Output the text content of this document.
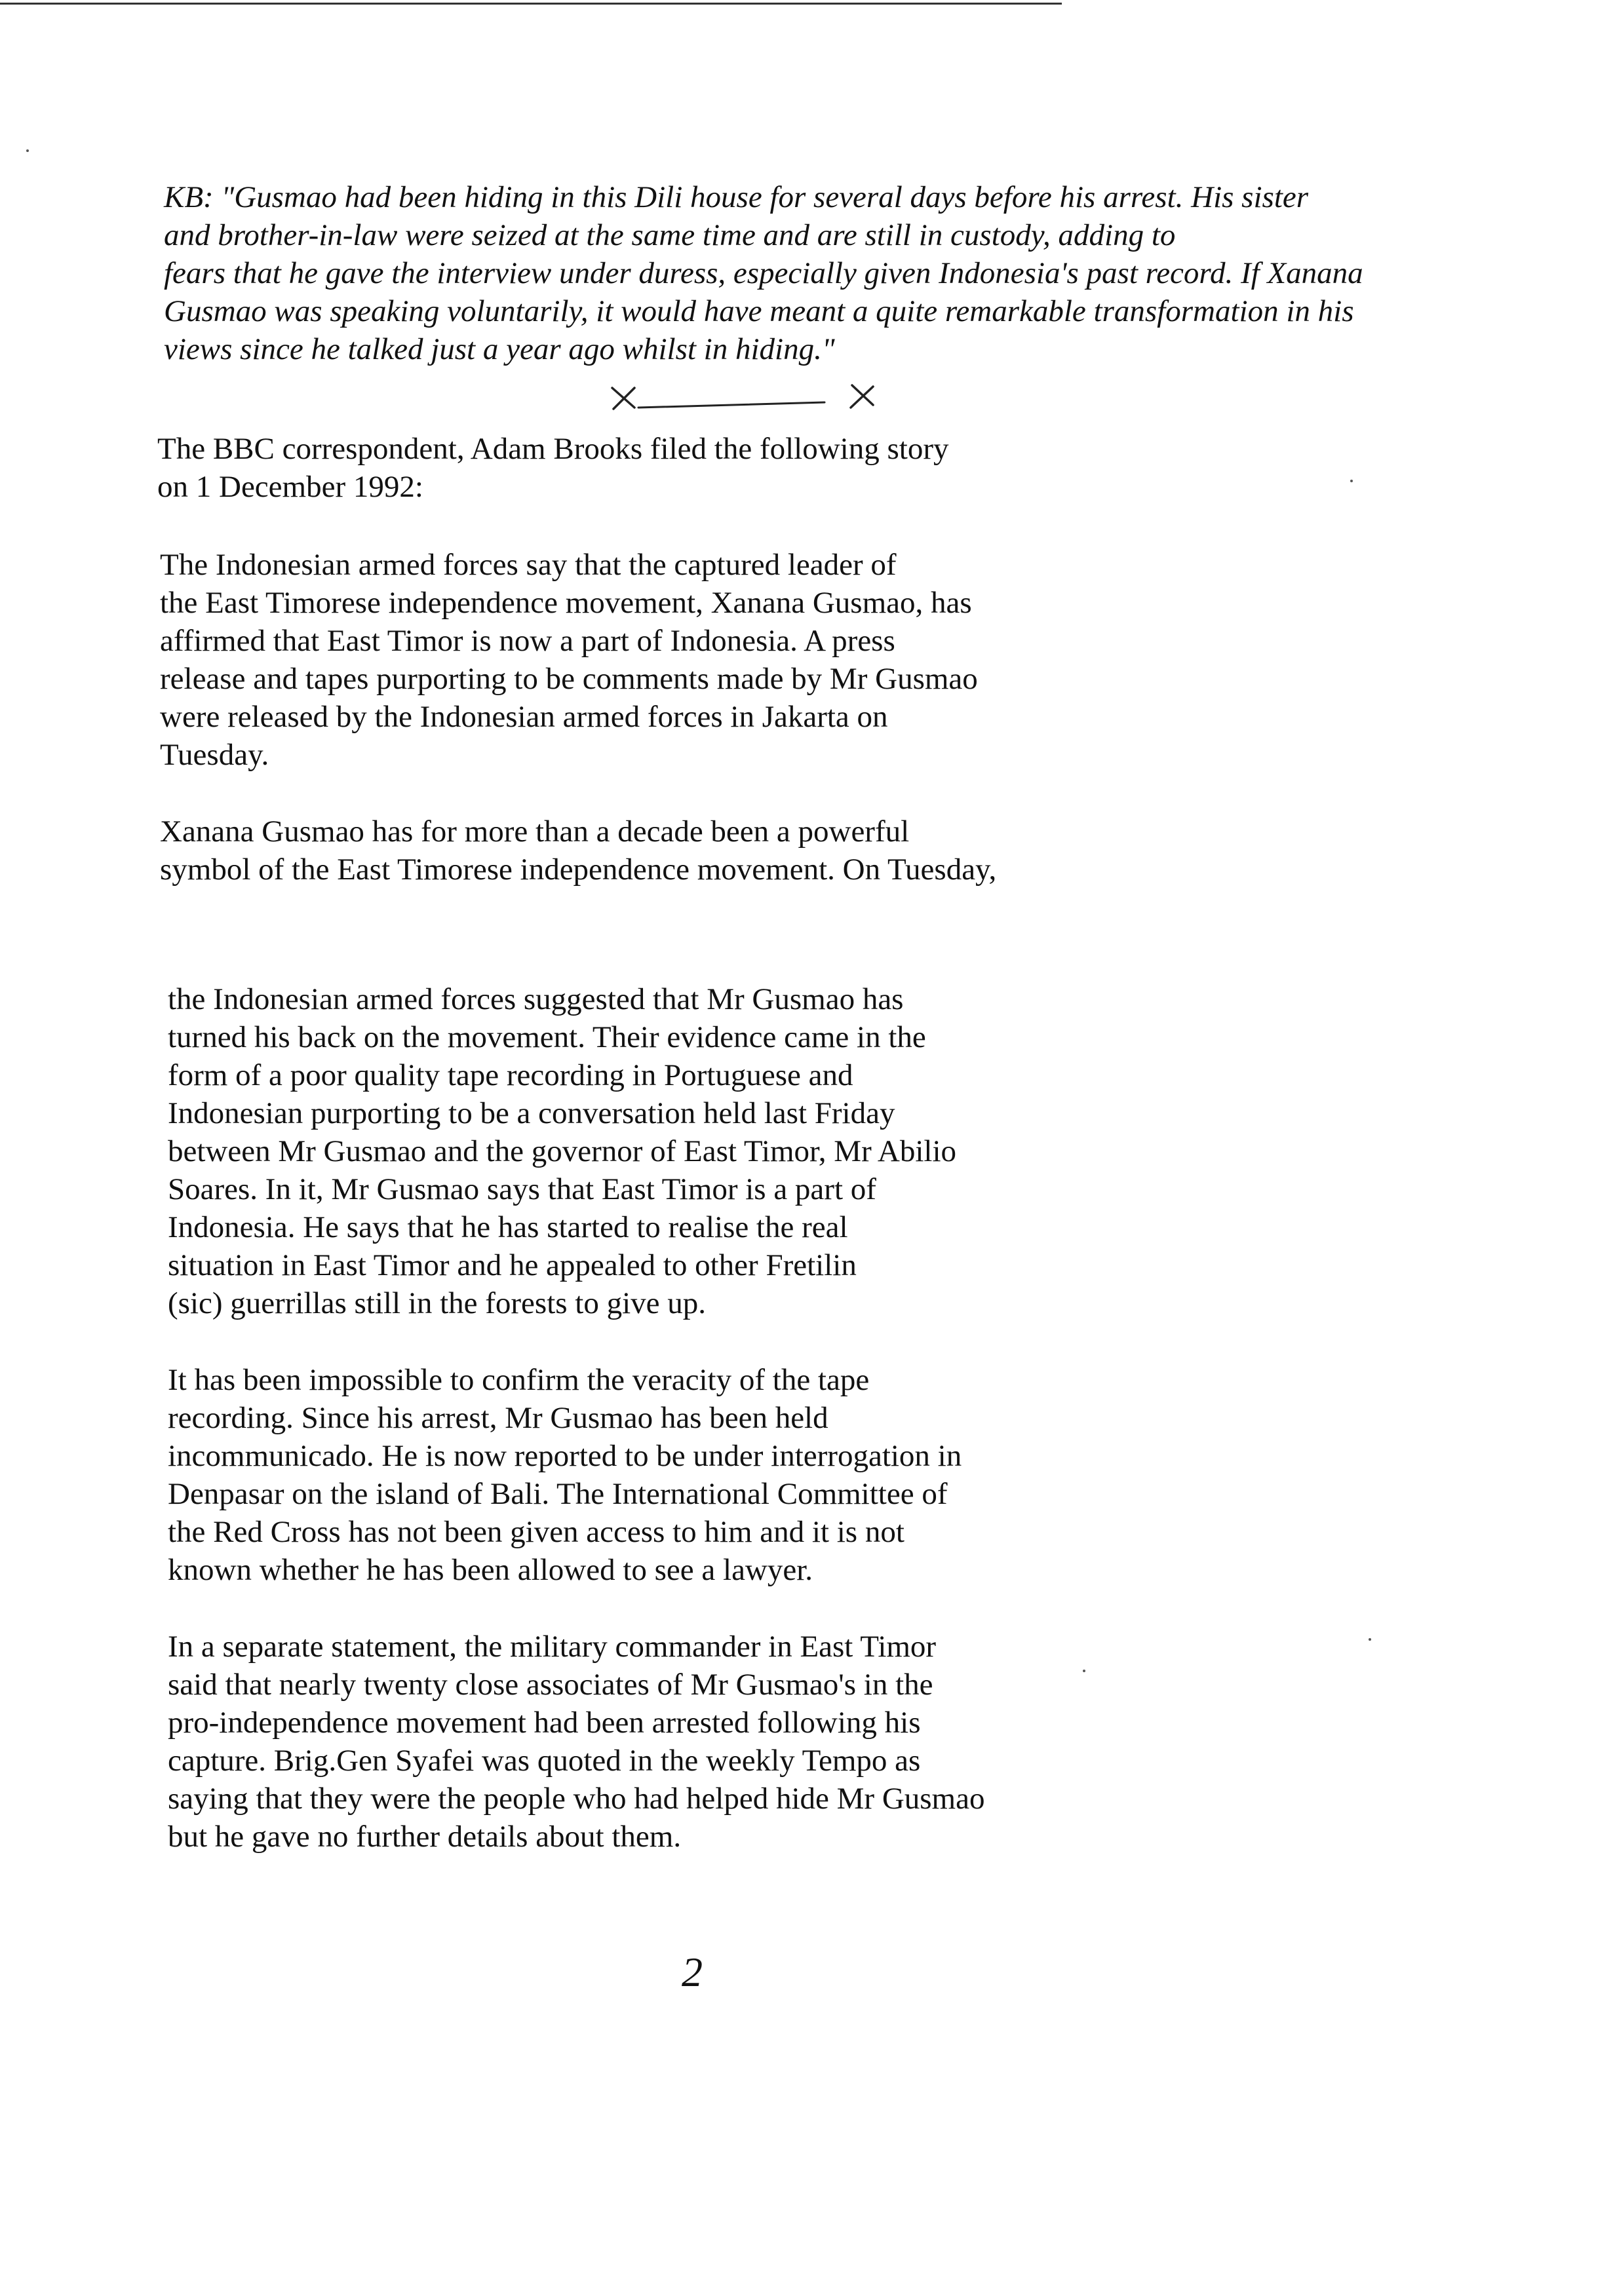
KB: "Gusmao had been hiding in this Dili house for several days before his arrest. His sister
and brother-in-law were seized at the same time and are still in custody, adding to
fears that he gave the interview under duress, especially given Indonesia's past record. If Xanana
Gusmao was speaking voluntarily, it would have meant a quite remarkable transformation in his
views since he talked just a year ago whilst in hiding."
The BBC correspondent, Adam Brooks filed the following story
on 1 December 1992:
The Indonesian armed forces say that the captured leader of
the East Timorese independence movement, Xanana Gusmao, has
affirmed that East Timor is now a part of Indonesia. A press
release and tapes purporting to be comments made by Mr Gusmao
were released by the Indonesian armed forces in Jakarta on
Tuesday.
Xanana Gusmao has for more than a decade been a powerful
symbol of the East Timorese independence movement. On Tuesday,
the Indonesian armed forces suggested that Mr Gusmao has
turned his back on the movement. Their evidence came in the
form of a poor quality tape recording in Portuguese and
Indonesian purporting to be a conversation held last Friday
between Mr Gusmao and the governor of East Timor, Mr Abilio
Soares. In it, Mr Gusmao says that East Timor is a part of
Indonesia. He says that he has started to realise the real
situation in East Timor and he appealed to other Fretilin
(sic) guerrillas still in the forests to give up.
It has been impossible to confirm the veracity of the tape
recording. Since his arrest, Mr Gusmao has been held
incommunicado. He is now reported to be under interrogation in
Denpasar on the island of Bali. The International Committee of
the Red Cross has not been given access to him and it is not
known whether he has been allowed to see a lawyer.
In a separate statement, the military commander in East Timor
said that nearly twenty close associates of Mr Gusmao's in the
pro-independence movement had been arrested following his
capture. Brig.Gen Syafei was quoted in the weekly Tempo as
saying that they were the people who had helped hide Mr Gusmao
but he gave no further details about them.
2
